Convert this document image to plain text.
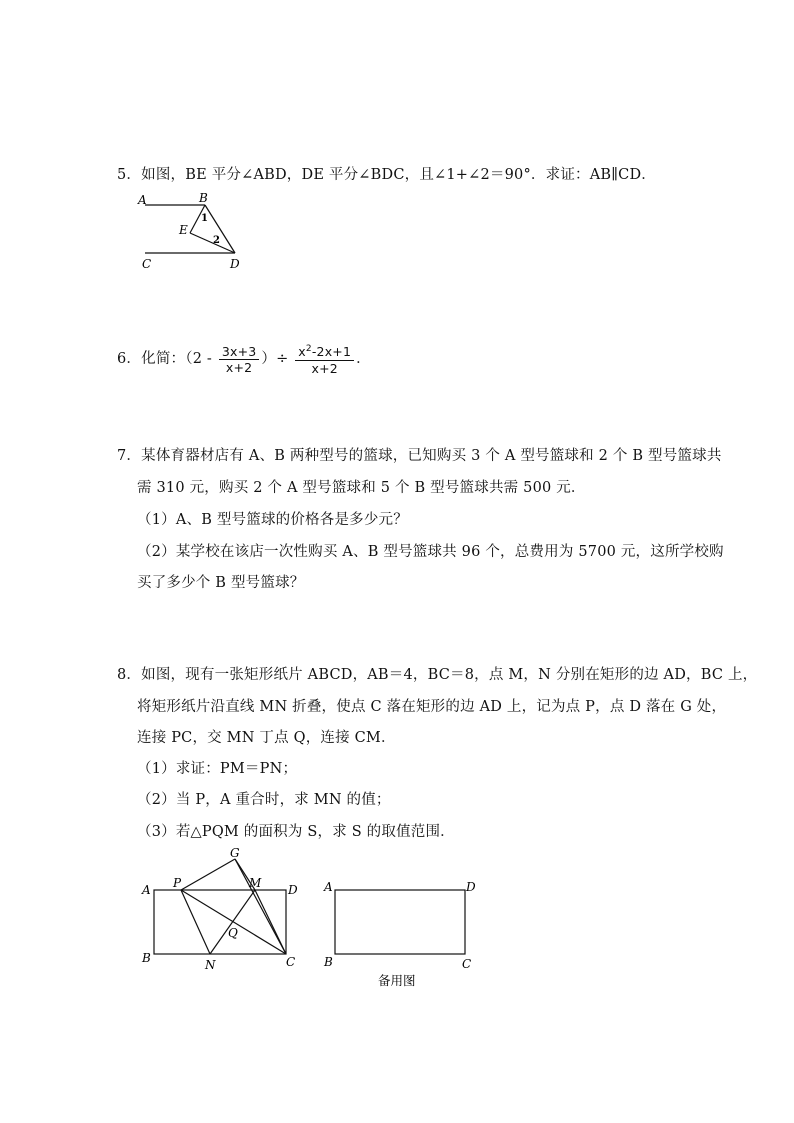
5．如图，BE 平分∠ABD，DE 平分∠BDC，且∠1+∠2＝90°．求证：AB∥CD．
A	B
1
E
2
C	D
6．化简：（$2 - \frac{3x+3}{x+2}$ ）÷ $\frac{x^2-2x+1}{x+2}$ ．
7．某体育器材店有 A、B 两种型号的篮球，已知购买 3 个 A 型号篮球和 2 个 B 型号篮球共
需 310 元，购买 2 个 A 型号篮球和 5 个 B 型号篮球共需 500 元．
（1）A、B 型号篮球的价格各是多少元？
（2）某学校在该店一次性购买 A、B 型号篮球共 96 个，总费用为 5700 元，这所学校购
买了多少个 B 型号篮球？
8．如图，现有一张矩形纸片 ABCD，AB＝4，BC＝8，点 M，N 分别在矩形的边 AD，BC 上，
将矩形纸片沿直线 MN 折叠，使点 C 落在矩形的边 AD 上，记为点 P，点 D 落在 G 处，
连接 PC，交 MN 丁点 Q，连接 CM．
（1）求证：PM＝PN；
（2）当 P，A 重合时，求 MN 的值；
（3）若△PQM 的面积为 S，求 S 的取值范围．
G
A P	M D
Q
B	N	C
A	D
B	C
备用图
